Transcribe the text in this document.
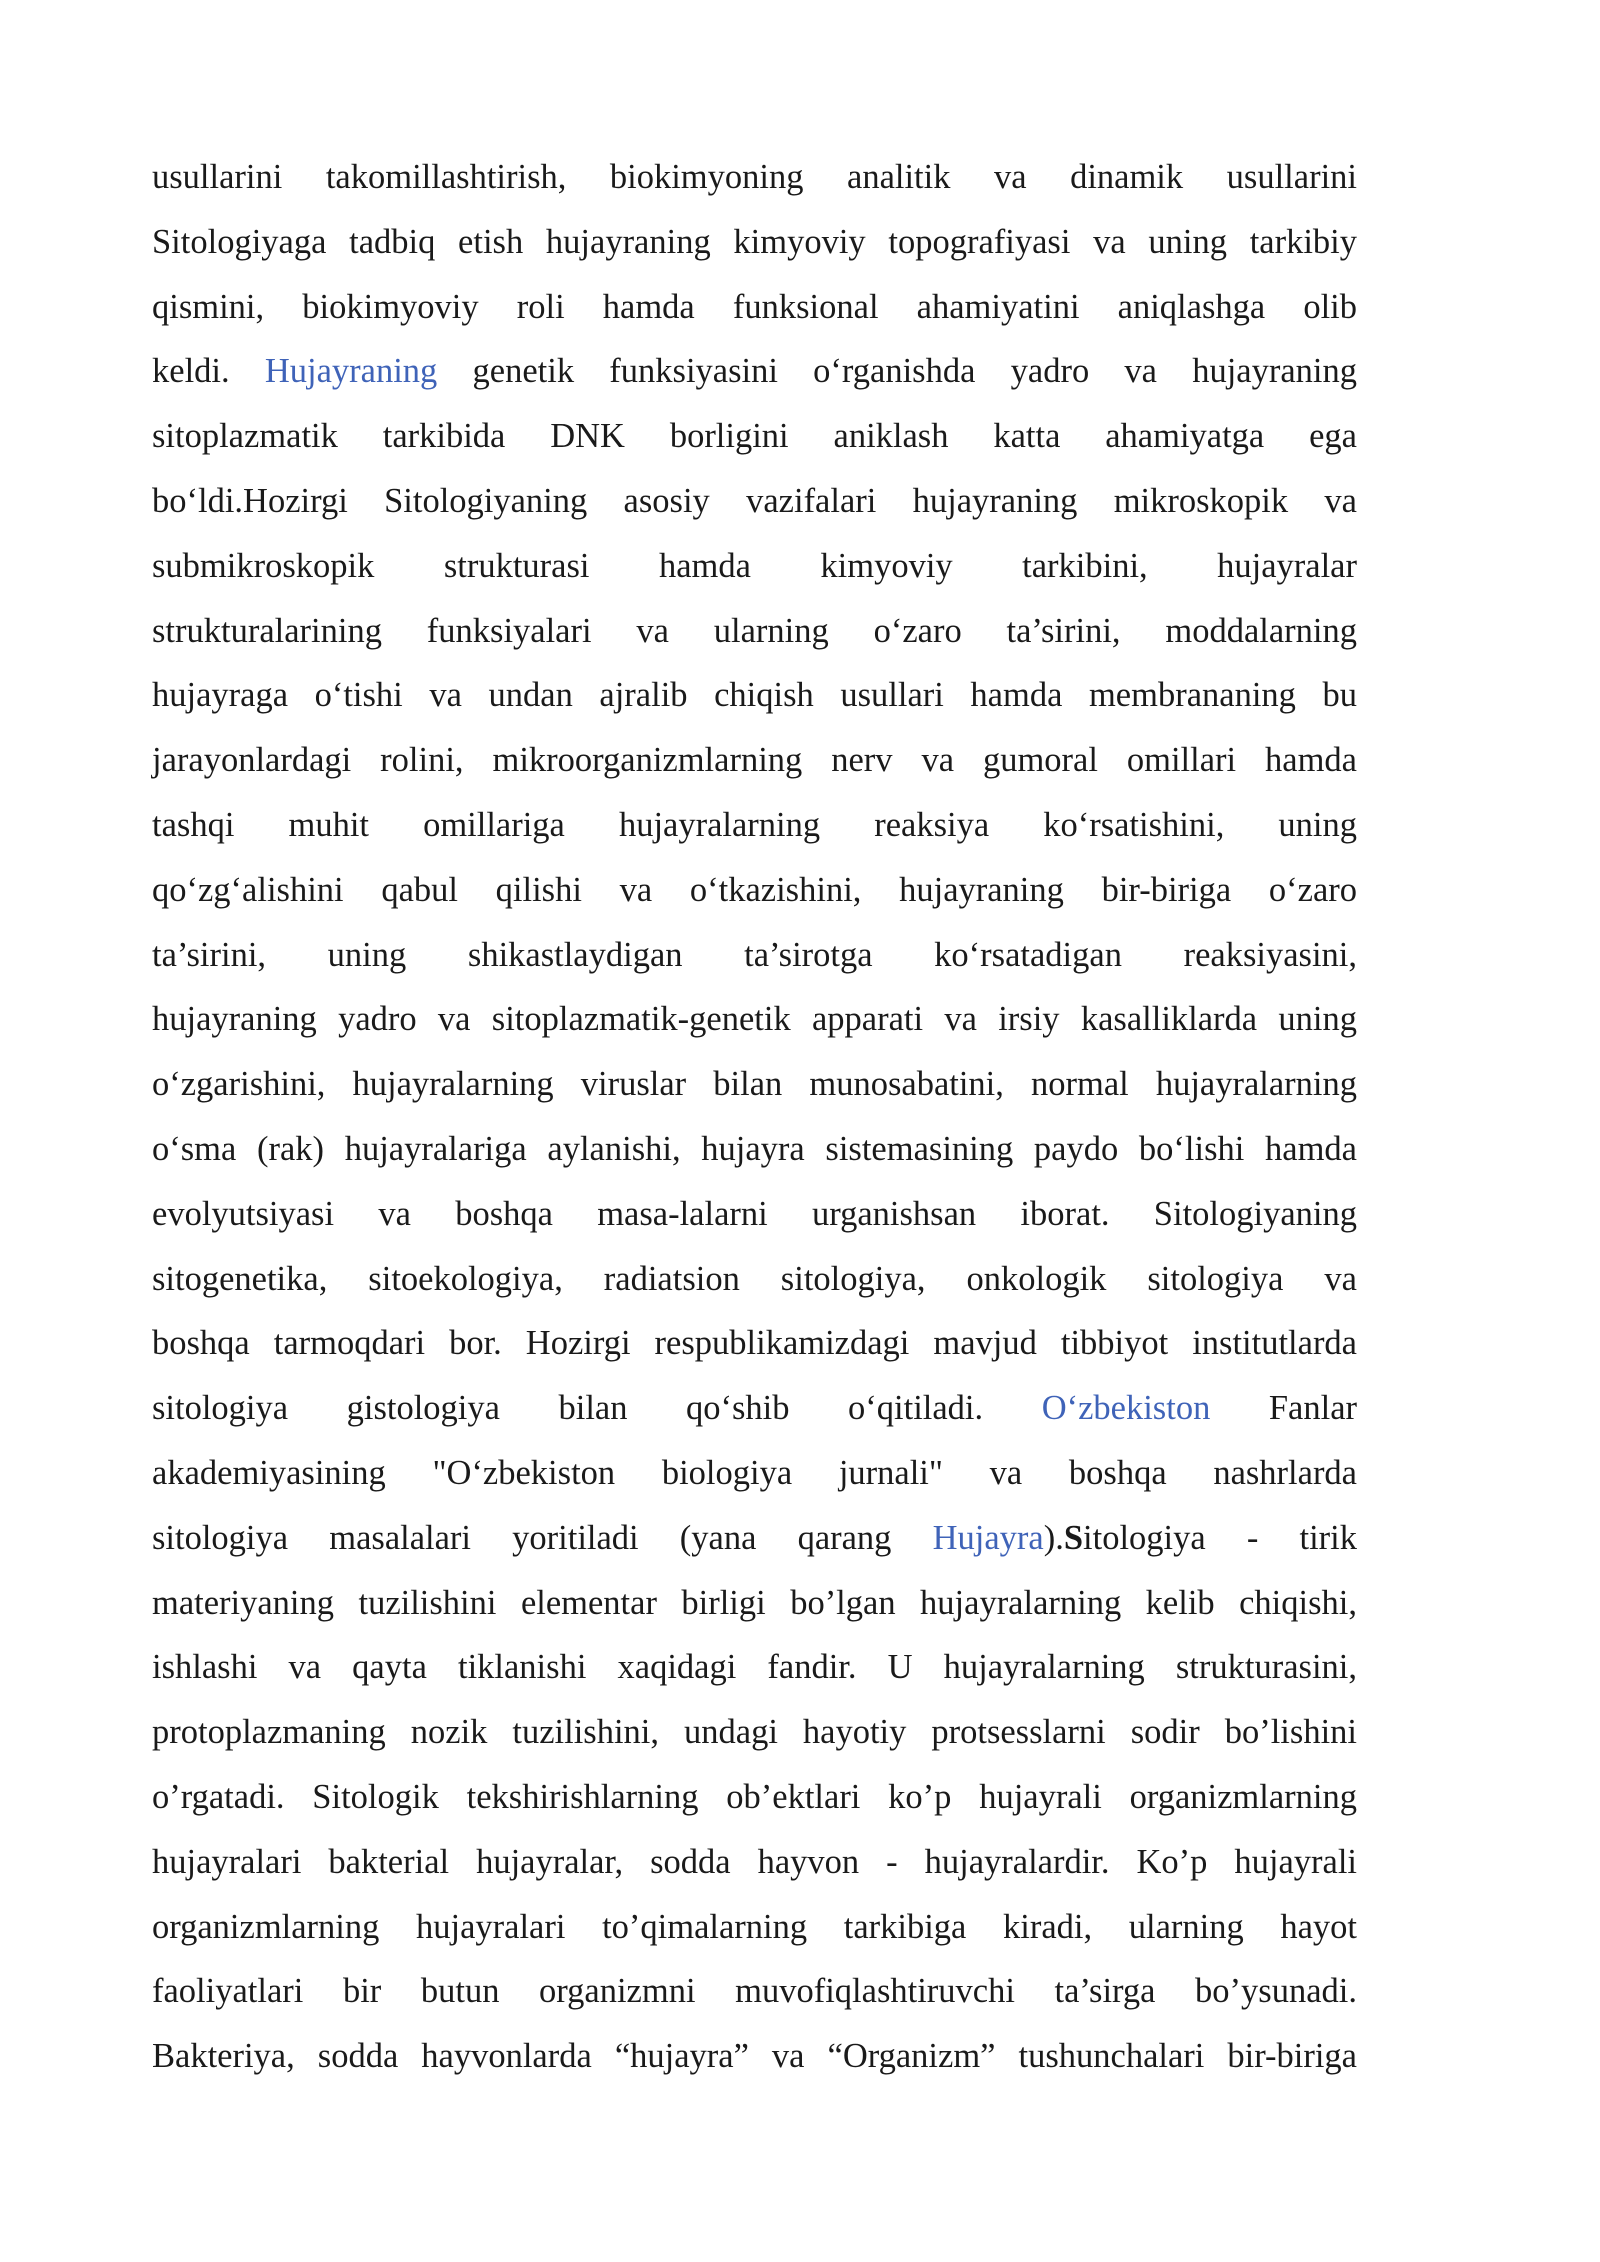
usullarini takomillashtirish, biokimyoning analitik va dinamik usullarini
Sitologiyaga tadbiq etish hujayraning kimyoviy topografiyasi va uning tarkibiy
qismini, biokimyoviy roli hamda funksional ahamiyatini aniqlashga olib
keldi. Hujayraning genetik funksiyasini o‘rganishda yadro va hujayraning
sitoplazmatik tarkibida DNK borligini aniklash katta ahamiyatga ega
bo‘ldi.Hozirgi Sitologiyaning asosiy vazifalari hujayraning mikroskopik va
submikroskopik strukturasi hamda kimyoviy tarkibini, hujayralar
strukturalarining funksiyalari va ularning o‘zaro ta’sirini, moddalarning
hujayraga o‘tishi va undan ajralib chiqish usullari hamda membrananing bu
jarayonlardagi rolini, mikroorganizmlarning nerv va gumoral omillari hamda
tashqi muhit omillariga hujayralarning reaksiya ko‘rsatishini, uning
qo‘zg‘alishini qabul qilishi va o‘tkazishini, hujayraning bir-biriga o‘zaro
ta’sirini, uning shikastlaydigan ta’sirotga ko‘rsatadigan reaksiyasini,
hujayraning yadro va sitoplazmatik-genetik apparati va irsiy kasalliklarda uning
o‘zgarishini, hujayralarning viruslar bilan munosabatini, normal hujayralarning
o‘sma (rak) hujayralariga aylanishi, hujayra sistemasining paydo bo‘lishi hamda
evolyutsiyasi va boshqa masa-lalarni urganishsan iborat. Sitologiyaning
sitogenetika, sitoekologiya, radiatsion sitologiya, onkologik sitologiya va
boshqa tarmoqdari bor. Hozirgi respublikamizdagi mavjud tibbiyot institutlarda
sitologiya gistologiya bilan qo‘shib o‘qitiladi. O‘zbekiston Fanlar
akademiyasining "O‘zbekiston biologiya jurnali" va boshqa nashrlarda
sitologiya masalalari yoritiladi (yana qarang Hujayra).Sitologiya - tirik
materiyaning tuzilishini elementar birligi bo’lgan hujayralarning kelib chiqishi,
ishlashi va qayta tiklanishi xaqidagi fandir. U hujayralarning strukturasini,
protoplazmaning nozik tuzilishini, undagi hayotiy protsesslarni sodir bo’lishini
o’rgatadi. Sitologik tekshirishlarning ob’ektlari ko’p hujayrali organizmlarning
hujayralari bakterial hujayralar, sodda hayvon - hujayralardir. Ko’p hujayrali
organizmlarning hujayralari to’qimalarning tarkibiga kiradi, ularning hayot
faoliyatlari bir butun organizmni muvofiqlashtiruvchi ta’sirga bo’ysunadi.
Bakteriya, sodda hayvonlarda “hujayra” va “Organizm” tushunchalari bir-biriga
